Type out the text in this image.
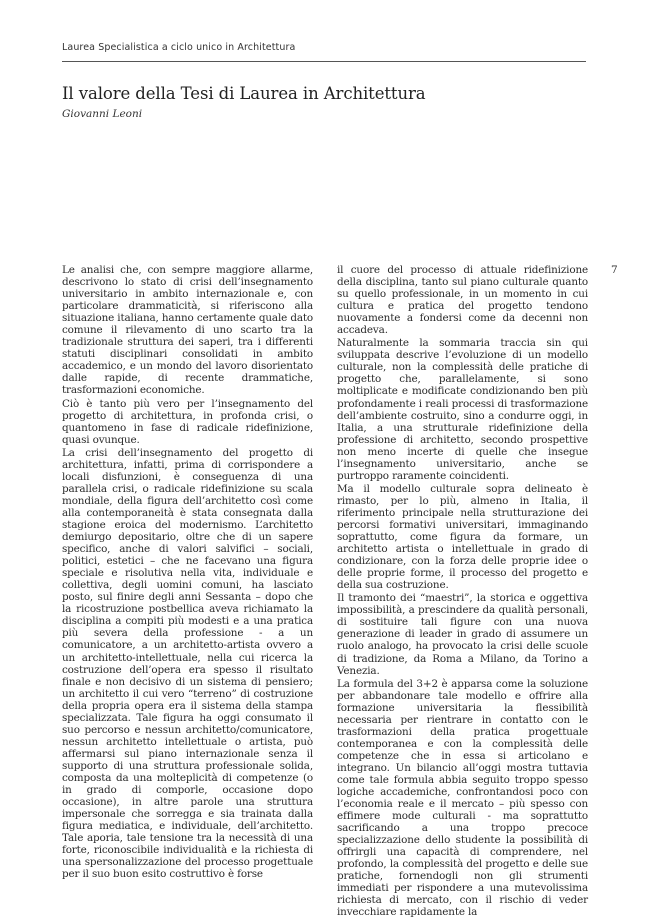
Laurea Specialistica a ciclo unico in Architettura
Il valore della Tesi di Laurea in Architettura
Giovanni Leoni

Le analisi che, con sempre maggiore allarme, descrivono lo stato di crisi dell’insegnamento universitario in ambito internazionale e, con particolare drammaticità, si riferiscono alla situazione italiana, hanno certamente quale dato comune il rilevamento di uno scarto tra la tradizionale struttura dei saperi, tra i differenti statuti disciplinari consolidati in ambito accademico, e un mondo del lavoro disorientato dalle rapide, di recente drammatiche, trasformazioni economiche.

Ciò è tanto più vero per l’insegnamento del progetto di architettura, in profonda crisi, o quantomeno in fase di radicale ridefinizione, quasi ovunque.

La crisi dell’insegnamento del progetto di architettura, infatti, prima di corrispondere a locali disfunzioni, è conseguenza di una parallela crisi, o radicale ridefinizione su scala mondiale, della figura dell’architetto così come alla contemporaneità è stata consegnata dalla stagione eroica del modernismo. L’architetto demiurgo depositario, oltre che di un sapere specifico, anche di valori salvifici – sociali, politici, estetici – che ne facevano una figura speciale e risolutiva nella vita, individuale e collettiva, degli uomini comuni, ha lasciato posto, sul finire degli anni Sessanta – dopo che la ricostruzione postbellica aveva richiamato la disciplina a compiti più modesti e a una pratica più severa della professione - a un comunicatore, a un architetto-artista ovvero a un architetto-intellettuale, nella cui ricerca la costruzione dell’opera era spesso il risultato finale e non decisivo di un sistema di pensiero; un architetto il cui vero “terreno” di costruzione della propria opera era il sistema della stampa specializzata. Tale figura ha oggi consumato il suo percorso e nessun architetto/comunicatore, nessun architetto intellettuale o artista, può affermarsi sul piano internazionale senza il supporto di una struttura professionale solida, composta da una molteplicità di competenze (o in grado di comporle, occasione dopo occasione), in altre parole una struttura impersonale che sorregga e sia trainata dalla figura mediatica, e individuale, dell’architetto. Tale aporia, tale tensione tra la necessità di una forte, riconoscibile individualità e la richiesta di una spersonalizzazione del processo progettuale per il suo buon esito costruttivo è forse

il cuore del processo di attuale ridefinizione della disciplina, tanto sul piano culturale quanto su quello professionale, in un momento in cui cultura e pratica del progetto tendono nuovamente a fondersi come da decenni non accadeva.

Naturalmente la sommaria traccia sin qui sviluppata descrive l’evoluzione di un modello culturale, non la complessità delle pratiche di progetto che, parallelamente, si sono moltiplicate e modificate condizionando ben più profondamente i reali processi di trasformazione dell’ambiente costruito, sino a condurre oggi, in Italia, a una strutturale ridefinizione della professione di architetto, secondo prospettive non meno incerte di quelle che insegue l’insegnamento universitario, anche se purtroppo raramente coincidenti.

Ma il modello culturale sopra delineato è rimasto, per lo più, almeno in Italia, il riferimento principale nella strutturazione dei percorsi formativi universitari, immaginando soprattutto, come figura da formare, un architetto artista o intellettuale in grado di condizionare, con la forza delle proprie idee o delle proprie forme, il processo del progetto e della sua costruzione.

Il tramonto dei “maestri”, la storica e oggettiva impossibilità, a prescindere da qualità personali, di sostituire tali figure con una nuova generazione di leader in grado di assumere un ruolo analogo, ha provocato la crisi delle scuole di tradizione, da Roma a Milano, da Torino a Venezia.

La formula del 3+2 è apparsa come la soluzione per abbandonare tale modello e offrire alla formazione universitaria la flessibilità necessaria per rientrare in contatto con le trasformazioni della pratica progettuale contemporanea e con la complessità delle competenze che in essa si articolano e integrano. Un bilancio all’oggi mostra tuttavia come tale formula abbia seguito troppo spesso logiche accademiche, confrontandosi poco con l’economia reale e il mercato – più spesso con effimere mode culturali - ma soprattutto sacrificando a una troppo precoce specializzazione dello studente la possibilità di offrirgli una capacità di comprendere, nel profondo, la complessità del progetto e delle sue pratiche, fornendogli non gli strumenti immediati per rispondere a una mutevolissima richiesta di mercato, con il rischio di veder invecchiare rapidamente la

7
